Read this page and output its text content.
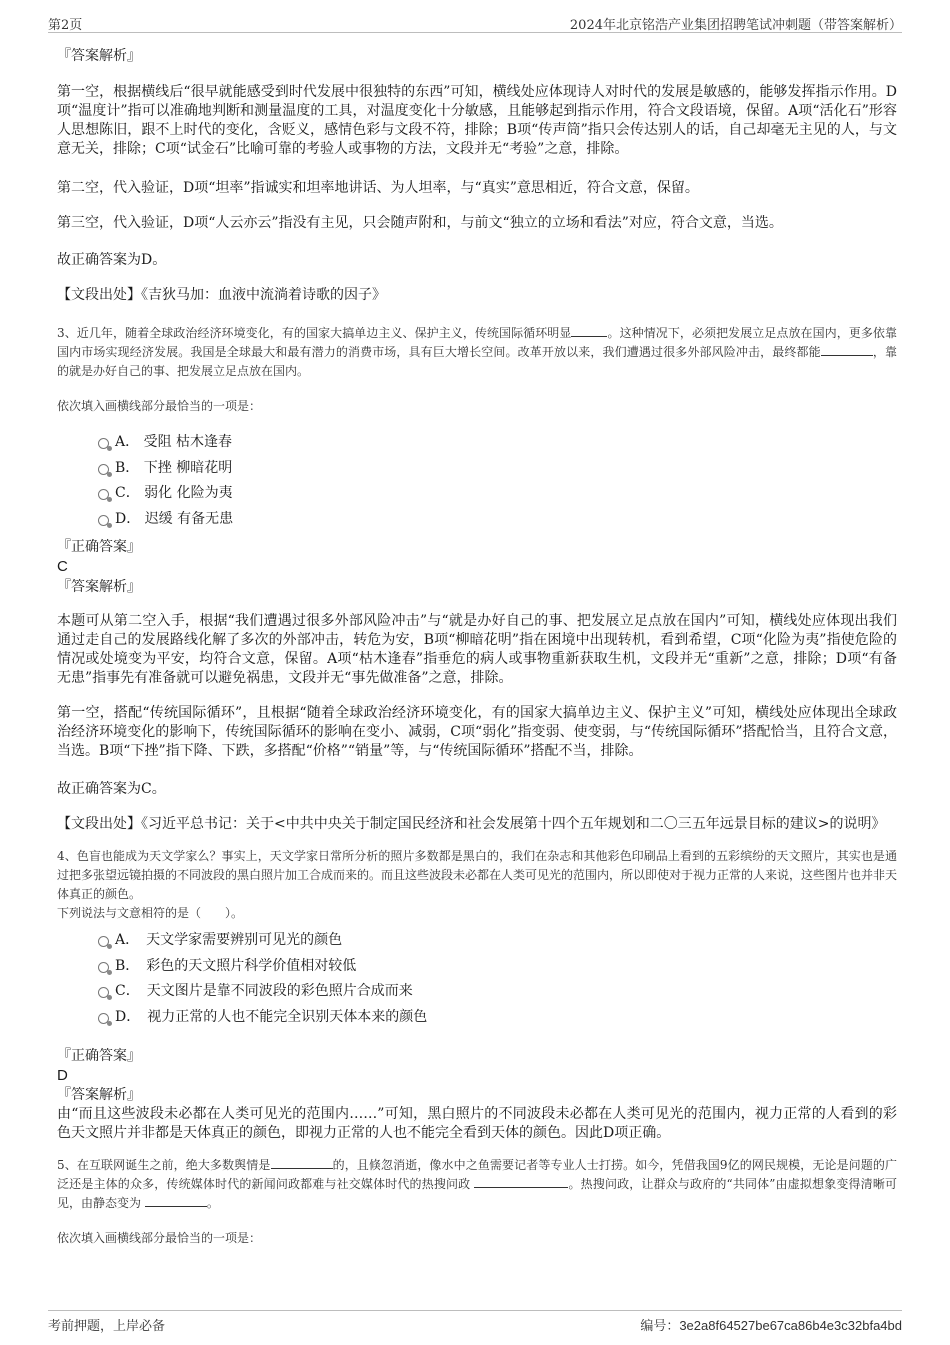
第2页	2024年北京铭浩产业集团招聘笔试冲刺题（带答案解析）

『答案解析』

第一空，根据横线后“很早就能感受到时代发展中很独特的东西”可知，横线处应体现诗人对时代的发展是敏感的，能够发挥指示作用。D项“温度计”指可以准确地判断和测量温度的工具，对温度变化十分敏感，且能够起到指示作用，符合文段语境，保留。A项“活化石”形容人思想陈旧，跟不上时代的变化，含贬义，感情色彩与文段不符，排除；B项“传声筒”指只会传达别人的话，自己却毫无主见的人，与文意无关，排除；C项“试金石”比喻可靠的考验人或事物的方法，文段并无“考验”之意，排除。

第二空，代入验证，D项“坦率”指诚实和坦率地讲话、为人坦率，与“真实”意思相近，符合文意，保留。

第三空，代入验证，D项“人云亦云”指没有主见，只会随声附和，与前文“独立的立场和看法”对应，符合文意，当选。

故正确答案为D。

【文段出处】《吉狄马加：血液中流淌着诗歌的因子》

3、近几年，随着全球政治经济环境变化，有的国家大搞单边主义、保护主义，传统国际循环明显	。这种情况下，必须把发展立足点放在国内，更多依靠国内市场实现经济发展。我国是全球最大和最有潜力的消费市场，具有巨大增长空间。改革开放以来，我们遭遇过很多外部风险冲击，最终都能	，靠的就是办好自己的事、把发展立足点放在国内。

依次填入画横线部分最恰当的一项是：

A． 受阻 枯木逢春
B． 下挫 柳暗花明
C． 弱化 化险为夷
D． 迟缓 有备无患

『正确答案』

C

『答案解析』

本题可从第二空入手，根据“我们遭遇过很多外部风险冲击”与“就是办好自己的事、把发展立足点放在国内”可知，横线处应体现出我们通过走自己的发展路线化解了多次的外部冲击，转危为安，B项“柳暗花明”指在困境中出现转机，看到希望，C项“化险为夷”指使危险的情况或处境变为平安，均符合文意，保留。A项“枯木逢春”指垂危的病人或事物重新获取生机，文段并无“重新”之意，排除；D项“有备无患”指事先有准备就可以避免祸患，文段并无“事先做准备”之意，排除。

第一空，搭配“传统国际循环”，且根据“随着全球政治经济环境变化，有的国家大搞单边主义、保护主义”可知，横线处应体现出全球政治经济环境变化的影响下，传统国际循环的影响在变小、减弱，C项“弱化”指变弱、使变弱，与“传统国际循环”搭配恰当，且符合文意，当选。B项“下挫”指下降、下跌，多搭配“价格”“销量”等，与“传统国际循环”搭配不当，排除。

故正确答案为C。

【文段出处】《习近平总书记：关于<中共中央关于制定国民经济和社会发展第十四个五年规划和二〇三五年远景目标的建议>的说明》

4、色盲也能成为天文学家么？事实上，天文学家日常所分析的照片多数都是黑白的，我们在杂志和其他彩色印刷品上看到的五彩缤纷的天文照片，其实也是通过把多张望远镜拍摄的不同波段的黑白照片加工合成而来的。而且这些波段未必都在人类可见光的范围内，所以即使对于视力正常的人来说，这些图片也并非天体真正的颜色。

下列说法与文意相符的是（　　）。

A．　 天文学家需要辨别可见光的颜色
B．　 彩色的天文照片科学价值相对较低
C．　 天文图片是靠不同波段的彩色照片合成而来
D．　 视力正常的人也不能完全识别天体本来的颜色

『正确答案』

D

『答案解析』

由“而且这些波段未必都在人类可见光的范围内……”可知，黑白照片的不同波段未必都在人类可见光的范围内，视力正常的人看到的彩色天文照片并非都是天体真正的颜色，即视力正常的人也不能完全看到天体的颜色。因此D项正确。

5、在互联网诞生之前，绝大多数舆情是	的，且倏忽消逝，像水中之鱼需要记者等专业人士打捞。如今，凭借我国9亿的网民规模，无论是问题的广泛还是主体的众多，传统媒体时代的新闻问政都难与社交媒体时代的热搜问政	。热搜问政，让群众与政府的“共同体”由虚拟想象变得清晰可见，由静态变为	。

依次填入画横线部分最恰当的一项是：

考前押题，上岸必备	编号：3e2a8f64527be67ca86b4e3c32bfa4bd
